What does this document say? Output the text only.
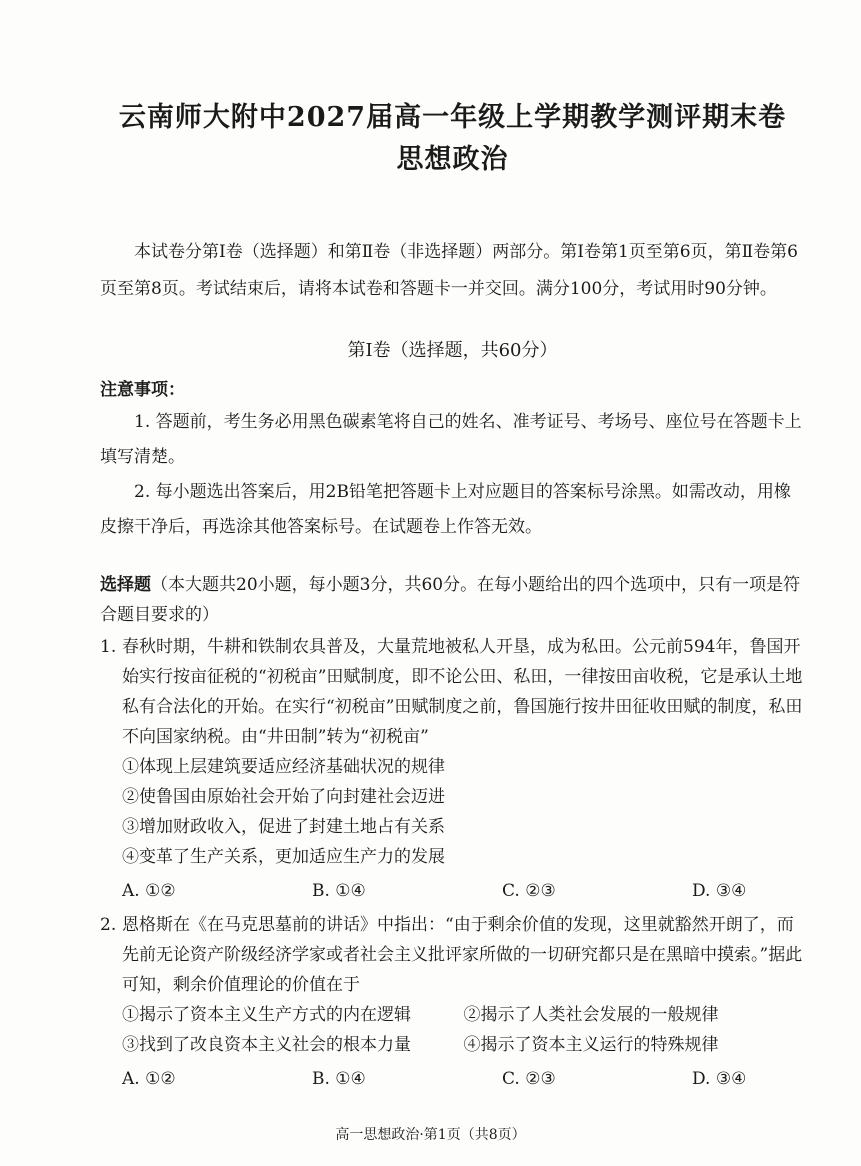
云南师大附中2027届高一年级上学期教学测评期末卷
思想政治

本试卷分第Ⅰ卷（选择题）和第Ⅱ卷（非选择题）两部分。第Ⅰ卷第1页至第6页，第Ⅱ卷第6页至第8页。考试结束后，请将本试卷和答题卡一并交回。满分100分，考试用时90分钟。

第Ⅰ卷（选择题，共60分）
注意事项：

1. 答题前，考生务必用黑色碳素笔将自己的姓名、准考证号、考场号、座位号在答题卡上填写清楚。

2. 每小题选出答案后，用2B铅笔把答题卡上对应题目的答案标号涂黑。如需改动，用橡皮擦干净后，再选涂其他答案标号。在试题卷上作答无效。

选择题（本大题共20小题，每小题3分，共60分。在每小题给出的四个选项中，只有一项是符合题目要求的）
1. 春秋时期，牛耕和铁制农具普及，大量荒地被私人开垦，成为私田。公元前594年，鲁国开始实行按亩征税的“初税亩”田赋制度，即不论公田、私田，一律按田亩收税，它是承认土地私有合法化的开始。在实行“初税亩”田赋制度之前，鲁国施行按井田征收田赋的制度，私田不向国家纳税。由“井田制”转为“初税亩”

①体现上层建筑要适应经济基础状况的规律

②使鲁国由原始社会开始了向封建社会迈进

③增加财政收入，促进了封建土地占有关系

④变革了生产关系，更加适应生产力的发展

A. ①②	B. ①④	C. ②③	D. ③④
2. 恩格斯在《在马克思墓前的讲话》中指出：“由于剩余价值的发现，这里就豁然开朗了，而先前无论资产阶级经济学家或者社会主义批评家所做的一切研究都只是在黑暗中摸索。”据此可知，剩余价值理论的价值在于

①揭示了资本主义生产方式的内在逻辑	②揭示了人类社会发展的一般规律
③找到了改良资本主义社会的根本力量	④揭示了资本主义运行的特殊规律
A. ①②	B. ①④	C. ②③	D. ③④
高一思想政治·第1页（共8页）
